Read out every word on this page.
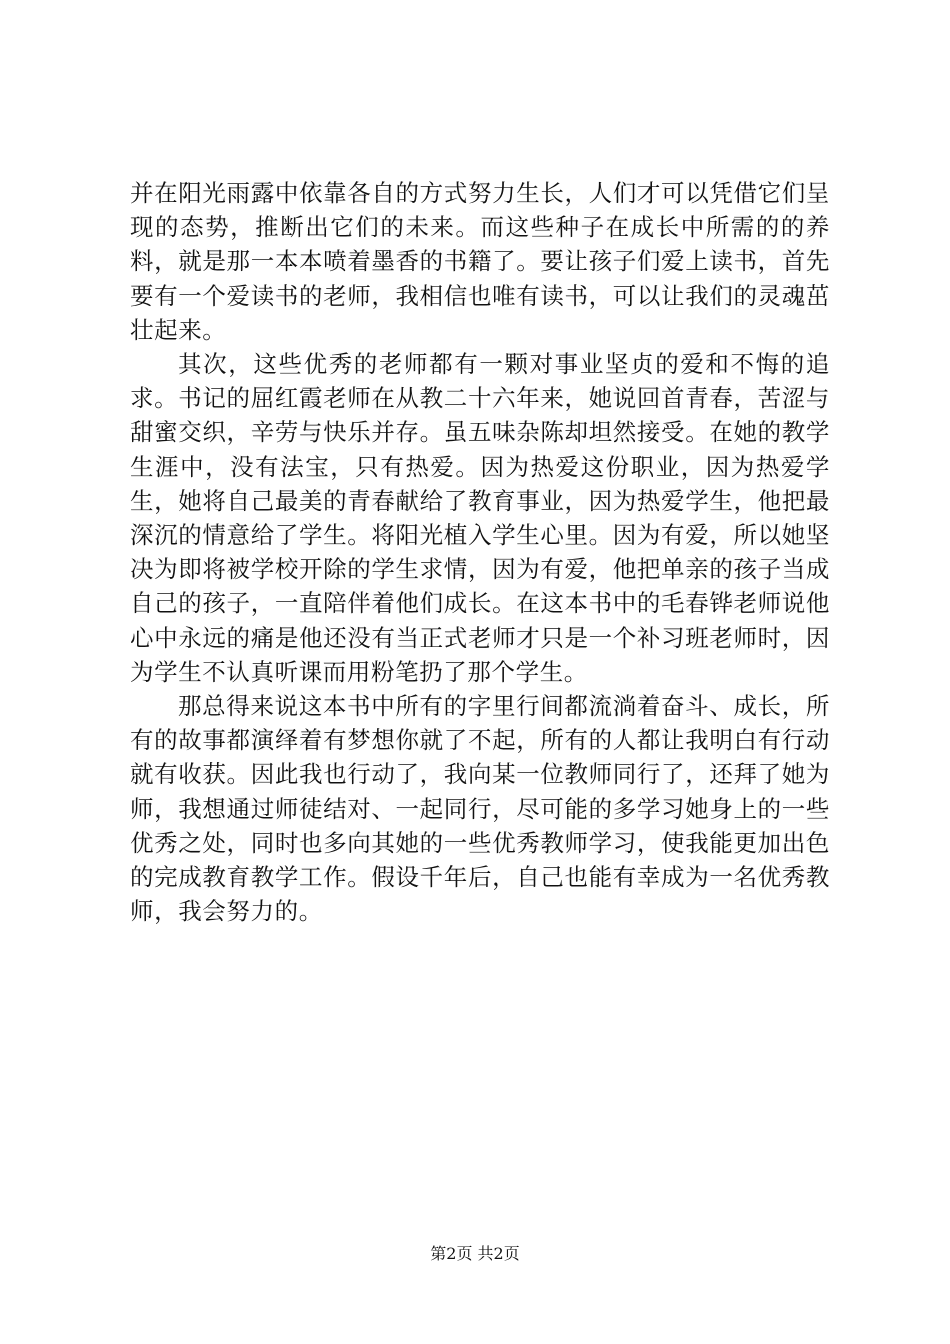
并在阳光雨露中依靠各自的方式努力生长，人们才可以凭借它们呈现的态势，推断出它们的未来。而这些种子在成长中所需的的养料，就是那一本本喷着墨香的书籍了。要让孩子们爱上读书，首先要有一个爱读书的老师，我相信也唯有读书，可以让我们的灵魂茁壮起来。

其次，这些优秀的老师都有一颗对事业坚贞的爱和不悔的追求。书记的屈红霞老师在从教二十六年来，她说回首青春，苦涩与甜蜜交织，辛劳与快乐并存。虽五味杂陈却坦然接受。在她的教学生涯中，没有法宝，只有热爱。因为热爱这份职业，因为热爱学生，她将自己最美的青春献给了教育事业，因为热爱学生，他把最深沉的情意给了学生。将阳光植入学生心里。因为有爱，所以她坚决为即将被学校开除的学生求情，因为有爱，他把单亲的孩子当成自己的孩子，一直陪伴着他们成长。在这本书中的毛春铧老师说他心中永远的痛是他还没有当正式老师才只是一个补习班老师时，因为学生不认真听课而用粉笔扔了那个学生。

那总得来说这本书中所有的字里行间都流淌着奋斗、成长，所有的故事都演绎着有梦想你就了不起，所有的人都让我明白有行动就有收获。因此我也行动了，我向某一位教师同行了，还拜了她为师，我想通过师徒结对、一起同行，尽可能的多学习她身上的一些优秀之处，同时也多向其她的一些优秀教师学习，使我能更加出色的完成教育教学工作。假设千年后，自己也能有幸成为一名优秀教师，我会努力的。

第2页 共2页
